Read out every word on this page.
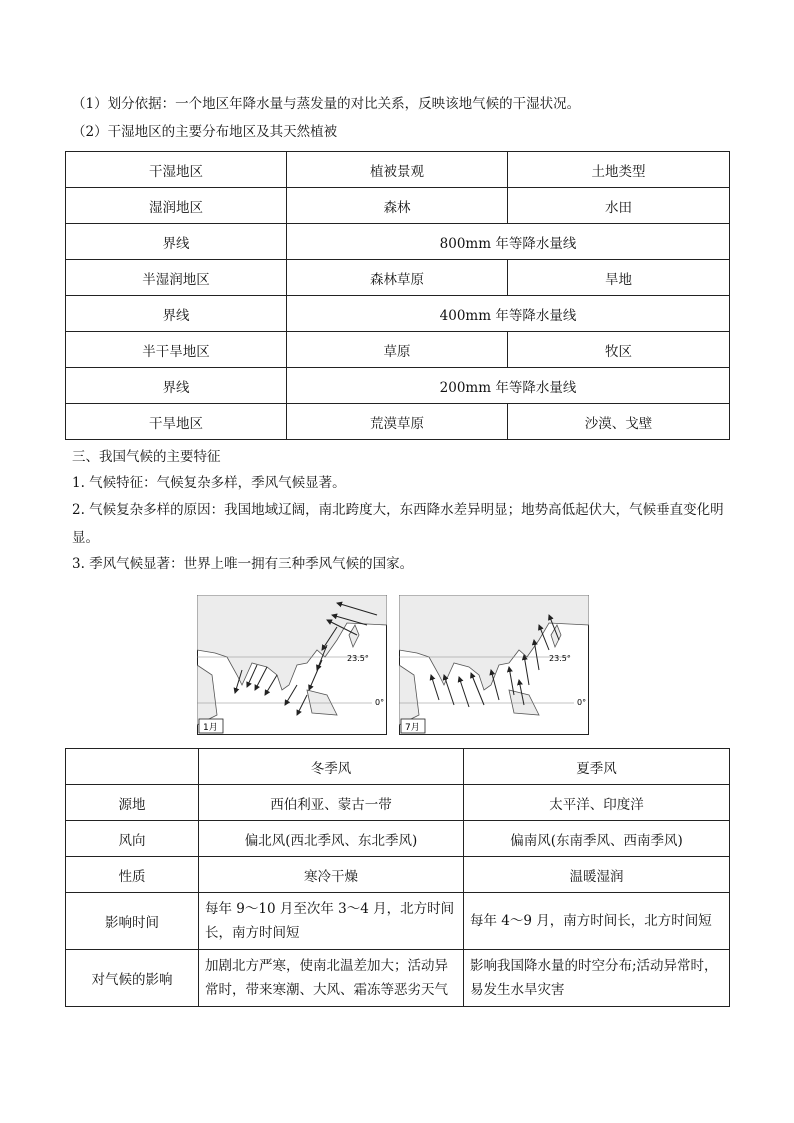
（1）划分依据：一个地区年降水量与蒸发量的对比关系，反映该地气候的干湿状况。
（2）干湿地区的主要分布地区及其天然植被
干湿地区	植被景观	土地类型
湿润地区	森林	水田
界线	800mm 年等降水量线	
半湿润地区	森林草原	旱地
界线	400mm 年等降水量线	
半干旱地区	草原	牧区
界线	200mm 年等降水量线	
干旱地区	荒漠草原	沙漠、戈壁
三、我国气候的主要特征
1. 气候特征：气候复杂多样，季风气候显著。
2. 气候复杂多样的原因：我国地域辽阔，南北跨度大，东西降水差异明显；地势高低起伏大，气候垂直变化明显。
3. 季风气候显著：世界上唯一拥有三种季风气候的国家。
23.5°
0°
1月
23.5°
0°
7月
	冬季风	夏季风
源地	西伯利亚、蒙古一带	太平洋、印度洋
风向	偏北风(西北季风、东北季风)	偏南风(东南季风、西南季风)
性质	寒冷干燥	温暖湿润
影响时间	每年 9～10 月至次年 3～4 月，北方时间长，南方时间短	每年 4～9 月，南方时间长，北方时间短
对气候的影响	加剧北方严寒，使南北温差加大；活动异常时，带来寒潮、大风、霜冻等恶劣天气	影响我国降水量的时空分布;活动异常时，易发生水旱灾害
